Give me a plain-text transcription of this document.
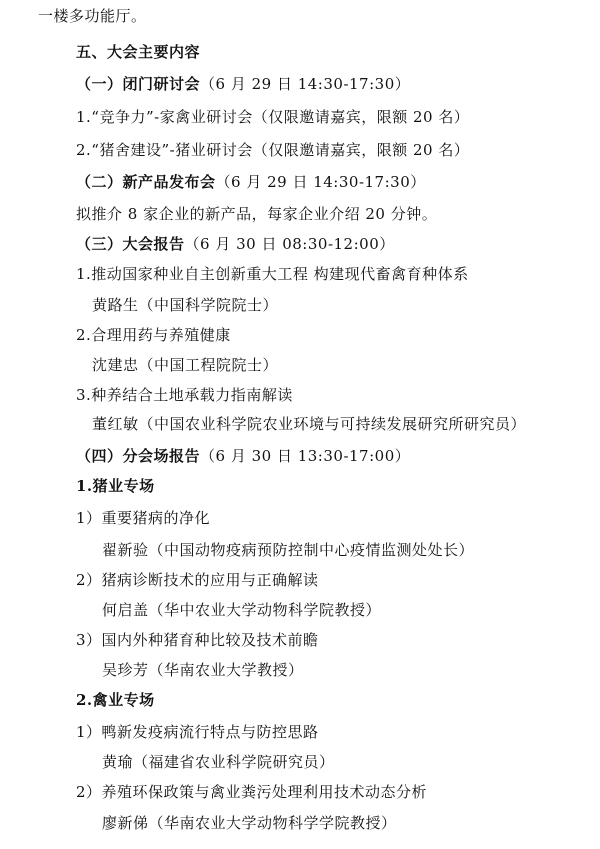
一楼多功能厅。
五、大会主要内容
（一）闭门研讨会（6 月 29 日 14:30-17:30）
1.“竞争力”-家禽业研讨会（仅限邀请嘉宾，限额 20 名）
2.“猪舍建设”-猪业研讨会（仅限邀请嘉宾，限额 20 名）
（二）新产品发布会（6 月 29 日 14:30-17:30）
拟推介 8 家企业的新产品，每家企业介绍 20 分钟。
（三）大会报告（6 月 30 日 08:30-12:00）
1.推动国家种业自主创新重大工程 构建现代畜禽育种体系
黄路生（中国科学院院士）
2.合理用药与养殖健康
沈建忠（中国工程院院士）
3.种养结合土地承载力指南解读
董红敏（中国农业科学院农业环境与可持续发展研究所研究员）
（四）分会场报告（6 月 30 日 13:30-17:00）
1.猪业专场
1）重要猪病的净化
翟新验（中国动物疫病预防控制中心疫情监测处处长）
2）猪病诊断技术的应用与正确解读
何启盖（华中农业大学动物科学院教授）
3）国内外种猪育种比较及技术前瞻
吴珍芳（华南农业大学教授）
2.禽业专场
1）鸭新发疫病流行特点与防控思路
黄瑜（福建省农业科学院研究员）
2）养殖环保政策与禽业粪污处理利用技术动态分析
廖新俤（华南农业大学动物科学学院教授）
